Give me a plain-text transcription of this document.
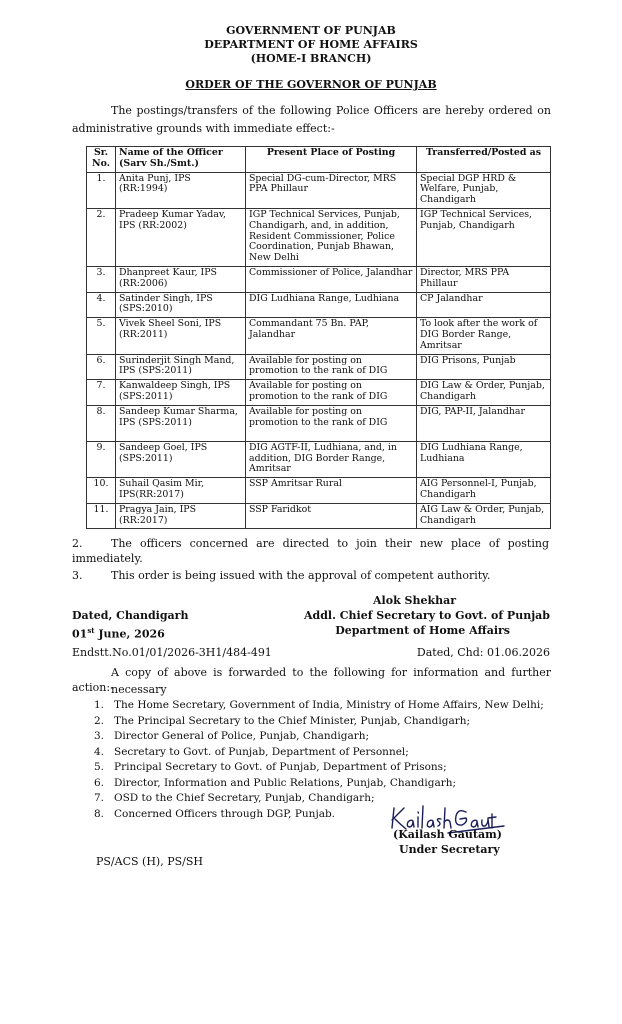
GOVERNMENT OF PUNJAB
DEPARTMENT OF HOME AFFAIRS
(HOME-I BRANCH)
ORDER OF THE GOVERNOR OF PUNJAB
The postings/transfers of the following Police Officers are hereby ordered on
administrative grounds with immediate effect:-
Sr. No.	Name of the Officer (Sarv Sh./Smt.)	Present Place of Posting	Transferred/Posted as
1.	Anita Punj, IPS (RR:1994)	Special DG-cum-Director, MRS PPA Phillaur	Special DGP HRD & Welfare, Punjab, Chandigarh
2.	Pradeep Kumar Yadav, IPS (RR:2002)	IGP Technical Services, Punjab, Chandigarh, and, in addition, Resident Commissioner, Police Coordination, Punjab Bhawan, New Delhi	IGP Technical Services, Punjab, Chandigarh
3.	Dhanpreet Kaur, IPS (RR:2006)	Commissioner of Police, Jalandhar	Director, MRS PPA Phillaur
4.	Satinder Singh, IPS (SPS:2010)	DIG Ludhiana Range, Ludhiana	CP Jalandhar
5.	Vivek Sheel Soni, IPS (RR:2011)	Commandant 75 Bn. PAP, Jalandhar	To look after the work of DIG Border Range, Amritsar
6.	Surinderjit Singh Mand, IPS (SPS:2011)	Available for posting on promotion to the rank of DIG	DIG Prisons, Punjab
7.	Kanwaldeep Singh, IPS (SPS:2011)	Available for posting on promotion to the rank of DIG	DIG Law & Order, Punjab, Chandigarh
8.	Sandeep Kumar Sharma, IPS (SPS:2011)	Available for posting on promotion to the rank of DIG	DIG, PAP-II, Jalandhar
9.	Sandeep Goel, IPS (SPS:2011)	DIG AGTF-II, Ludhiana, and, in addition, DIG Border Range, Amritsar	DIG Ludhiana Range, Ludhiana
10.	Suhail Qasim Mir, IPS(RR:2017)	SSP Amritsar Rural	AIG Personnel-I, Punjab, Chandigarh
11.	Pragya Jain, IPS (RR:2017)	SSP Faridkot	AIG Law & Order, Punjab, Chandigarh
2.	The officers concerned are directed to join their new place of posting
immediately.
3.	This order is being issued with the approval of competent authority.
Alok Shekhar
Addl. Chief Secretary to Govt. of Punjab
Department of Home Affairs
Dated, Chandigarh
01st June, 2026
Endstt.No.01/01/2026-3H1/484-491	Dated, Chd: 01.06.2026
A copy of above is forwarded to the following for information and further necessary
action:-
1. The Home Secretary, Government of India, Ministry of Home Affairs, New Delhi;
2. The Principal Secretary to the Chief Minister, Punjab, Chandigarh;
3. Director General of Police, Punjab, Chandigarh;
4. Secretary to Govt. of Punjab, Department of Personnel;
5. Principal Secretary to Govt. of Punjab, Department of Prisons;
6. Director, Information and Public Relations, Punjab, Chandigarh;
7. OSD to the Chief Secretary, Punjab, Chandigarh;
8. Concerned Officers through DGP, Punjab.
(Kailash Gautam)
Under Secretary
PS/ACS (H), PS/SH
